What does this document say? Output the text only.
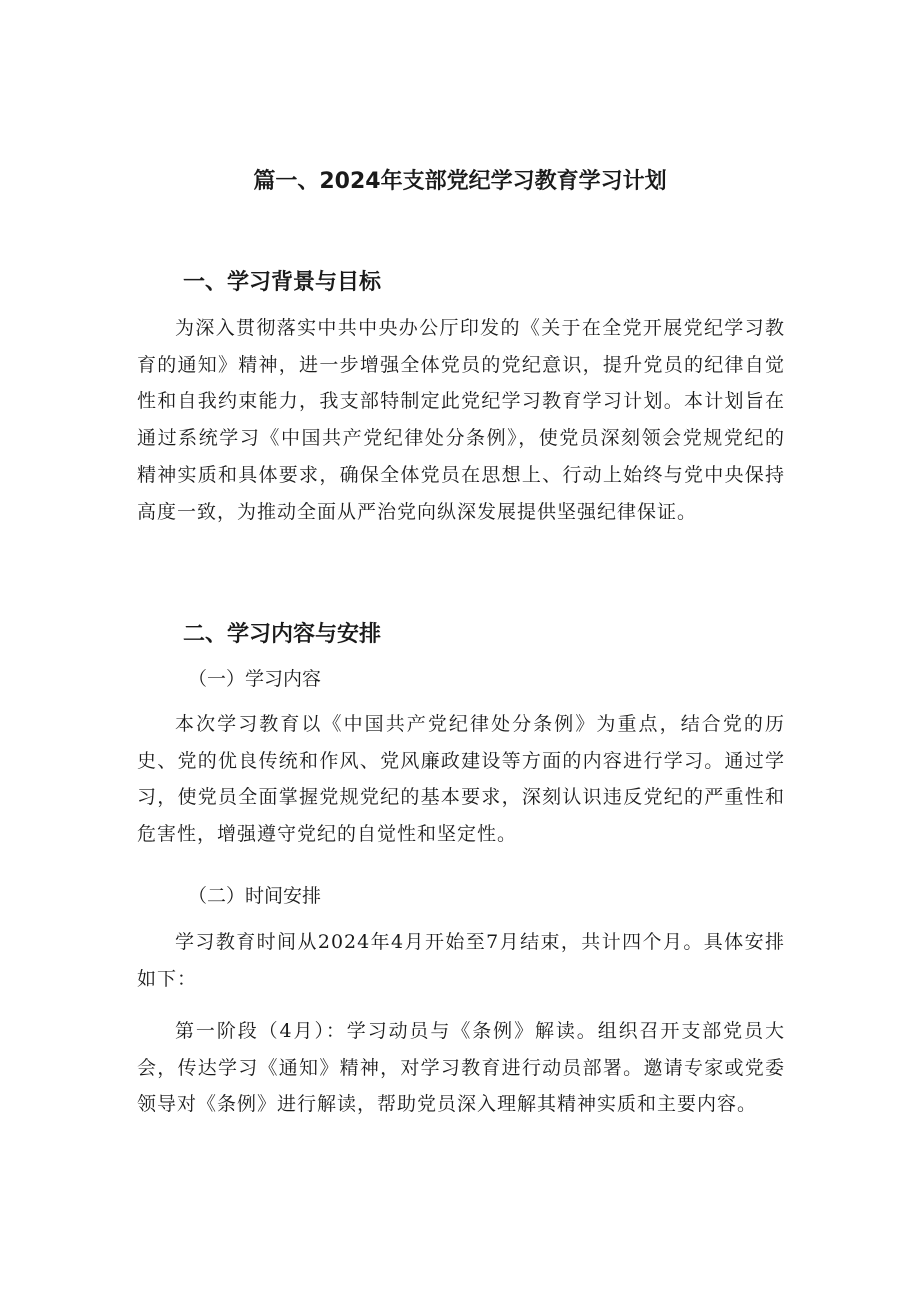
篇一、2024年支部党纪学习教育学习计划
一、学习背景与目标

为深入贯彻落实中共中央办公厅印发的《关于在全党开展党纪学习教育的通知》精神，进一步增强全体党员的党纪意识，提升党员的纪律自觉性和自我约束能力，我支部特制定此党纪学习教育学习计划。本计划旨在通过系统学习《中国共产党纪律处分条例》，使党员深刻领会党规党纪的精神实质和具体要求，确保全体党员在思想上、行动上始终与党中央保持高度一致，为推动全面从严治党向纵深发展提供坚强纪律保证。

二、学习内容与安排
（一）学习内容

本次学习教育以《中国共产党纪律处分条例》为重点，结合党的历史、党的优良传统和作风、党风廉政建设等方面的内容进行学习。通过学习，使党员全面掌握党规党纪的基本要求，深刻认识违反党纪的严重性和危害性，增强遵守党纪的自觉性和坚定性。

（二）时间安排

学习教育时间从2024年4月开始至7月结束，共计四个月。具体安排如下：

第一阶段（4月）：学习动员与《条例》解读。组织召开支部党员大会，传达学习《通知》精神，对学习教育进行动员部署。邀请专家或党委领导对《条例》进行解读，帮助党员深入理解其精神实质和主要内容。
